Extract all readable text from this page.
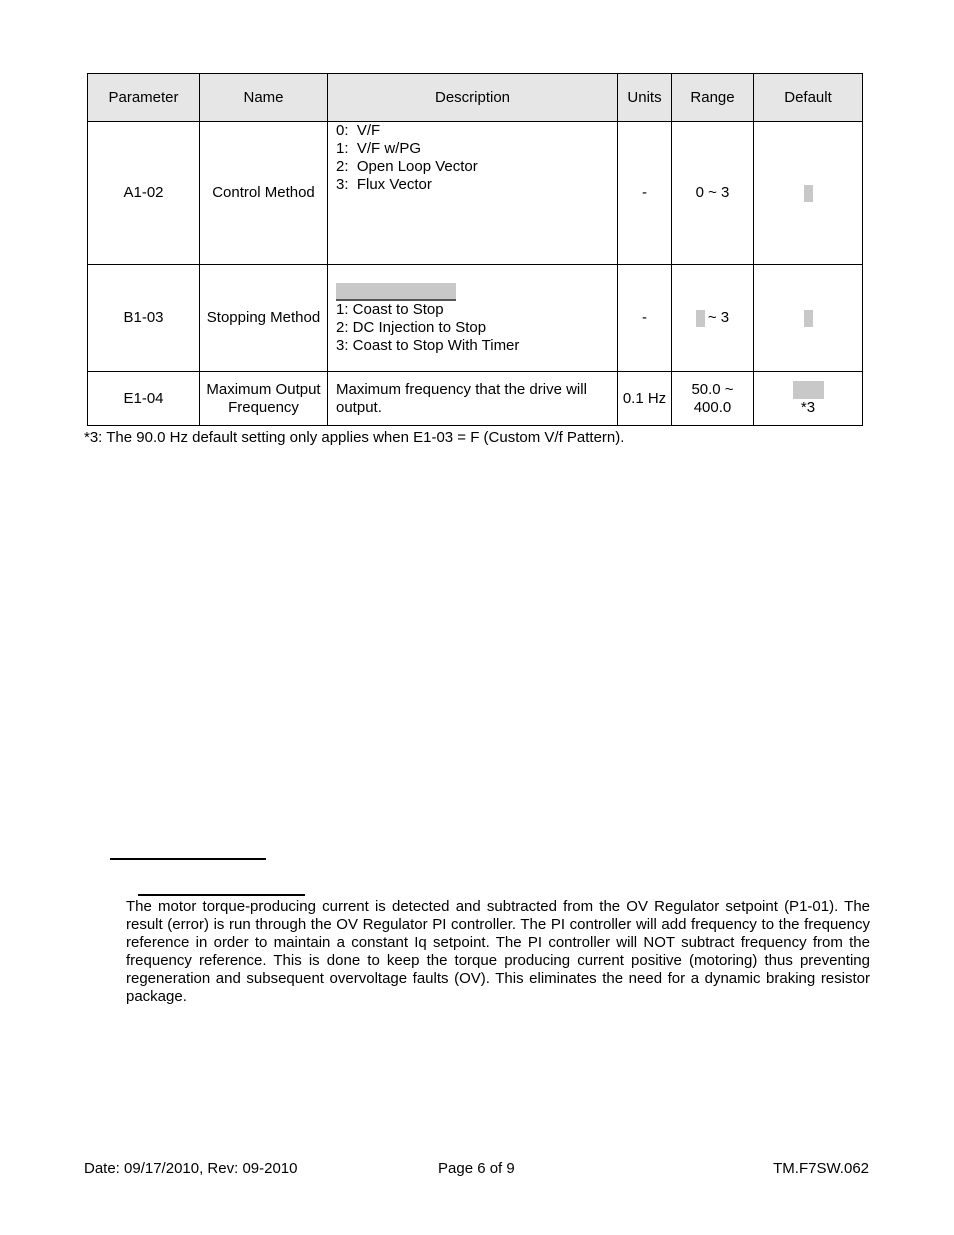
Parameter	Name	Description	Units	Range	Default
A1-02	Control Method	0:  V/F
1:  V/F w/PG
2:  Open Loop Vector
3:  Flux Vector	-	0 ~ 3	
B1-03	Stopping Method	1: Coast to Stop
2: DC Injection to Stop
3: Coast to Stop With Timer	-	~ 3	
E1-04	Maximum Output Frequency	Maximum frequency that the drive will output.	0.1 Hz	50.0 ~ 400.0	*3
*3: The 90.0 Hz default setting only applies when E1-03 = F (Custom V/f Pattern).
The motor torque-producing current is detected and subtracted from the OV Regulator setpoint (P1-01). The result (error) is run through the OV Regulator PI controller. The PI controller will add frequency to the frequency reference in order to maintain a constant Iq setpoint. The PI controller will NOT subtract frequency from the frequency reference. This is done to keep the torque producing current positive (motoring) thus preventing regeneration and subsequent overvoltage faults (OV). This eliminates the need for a dynamic braking resistor package.
Date: 09/17/2010, Rev: 09-2010	Page 6 of 9	TM.F7SW.062
